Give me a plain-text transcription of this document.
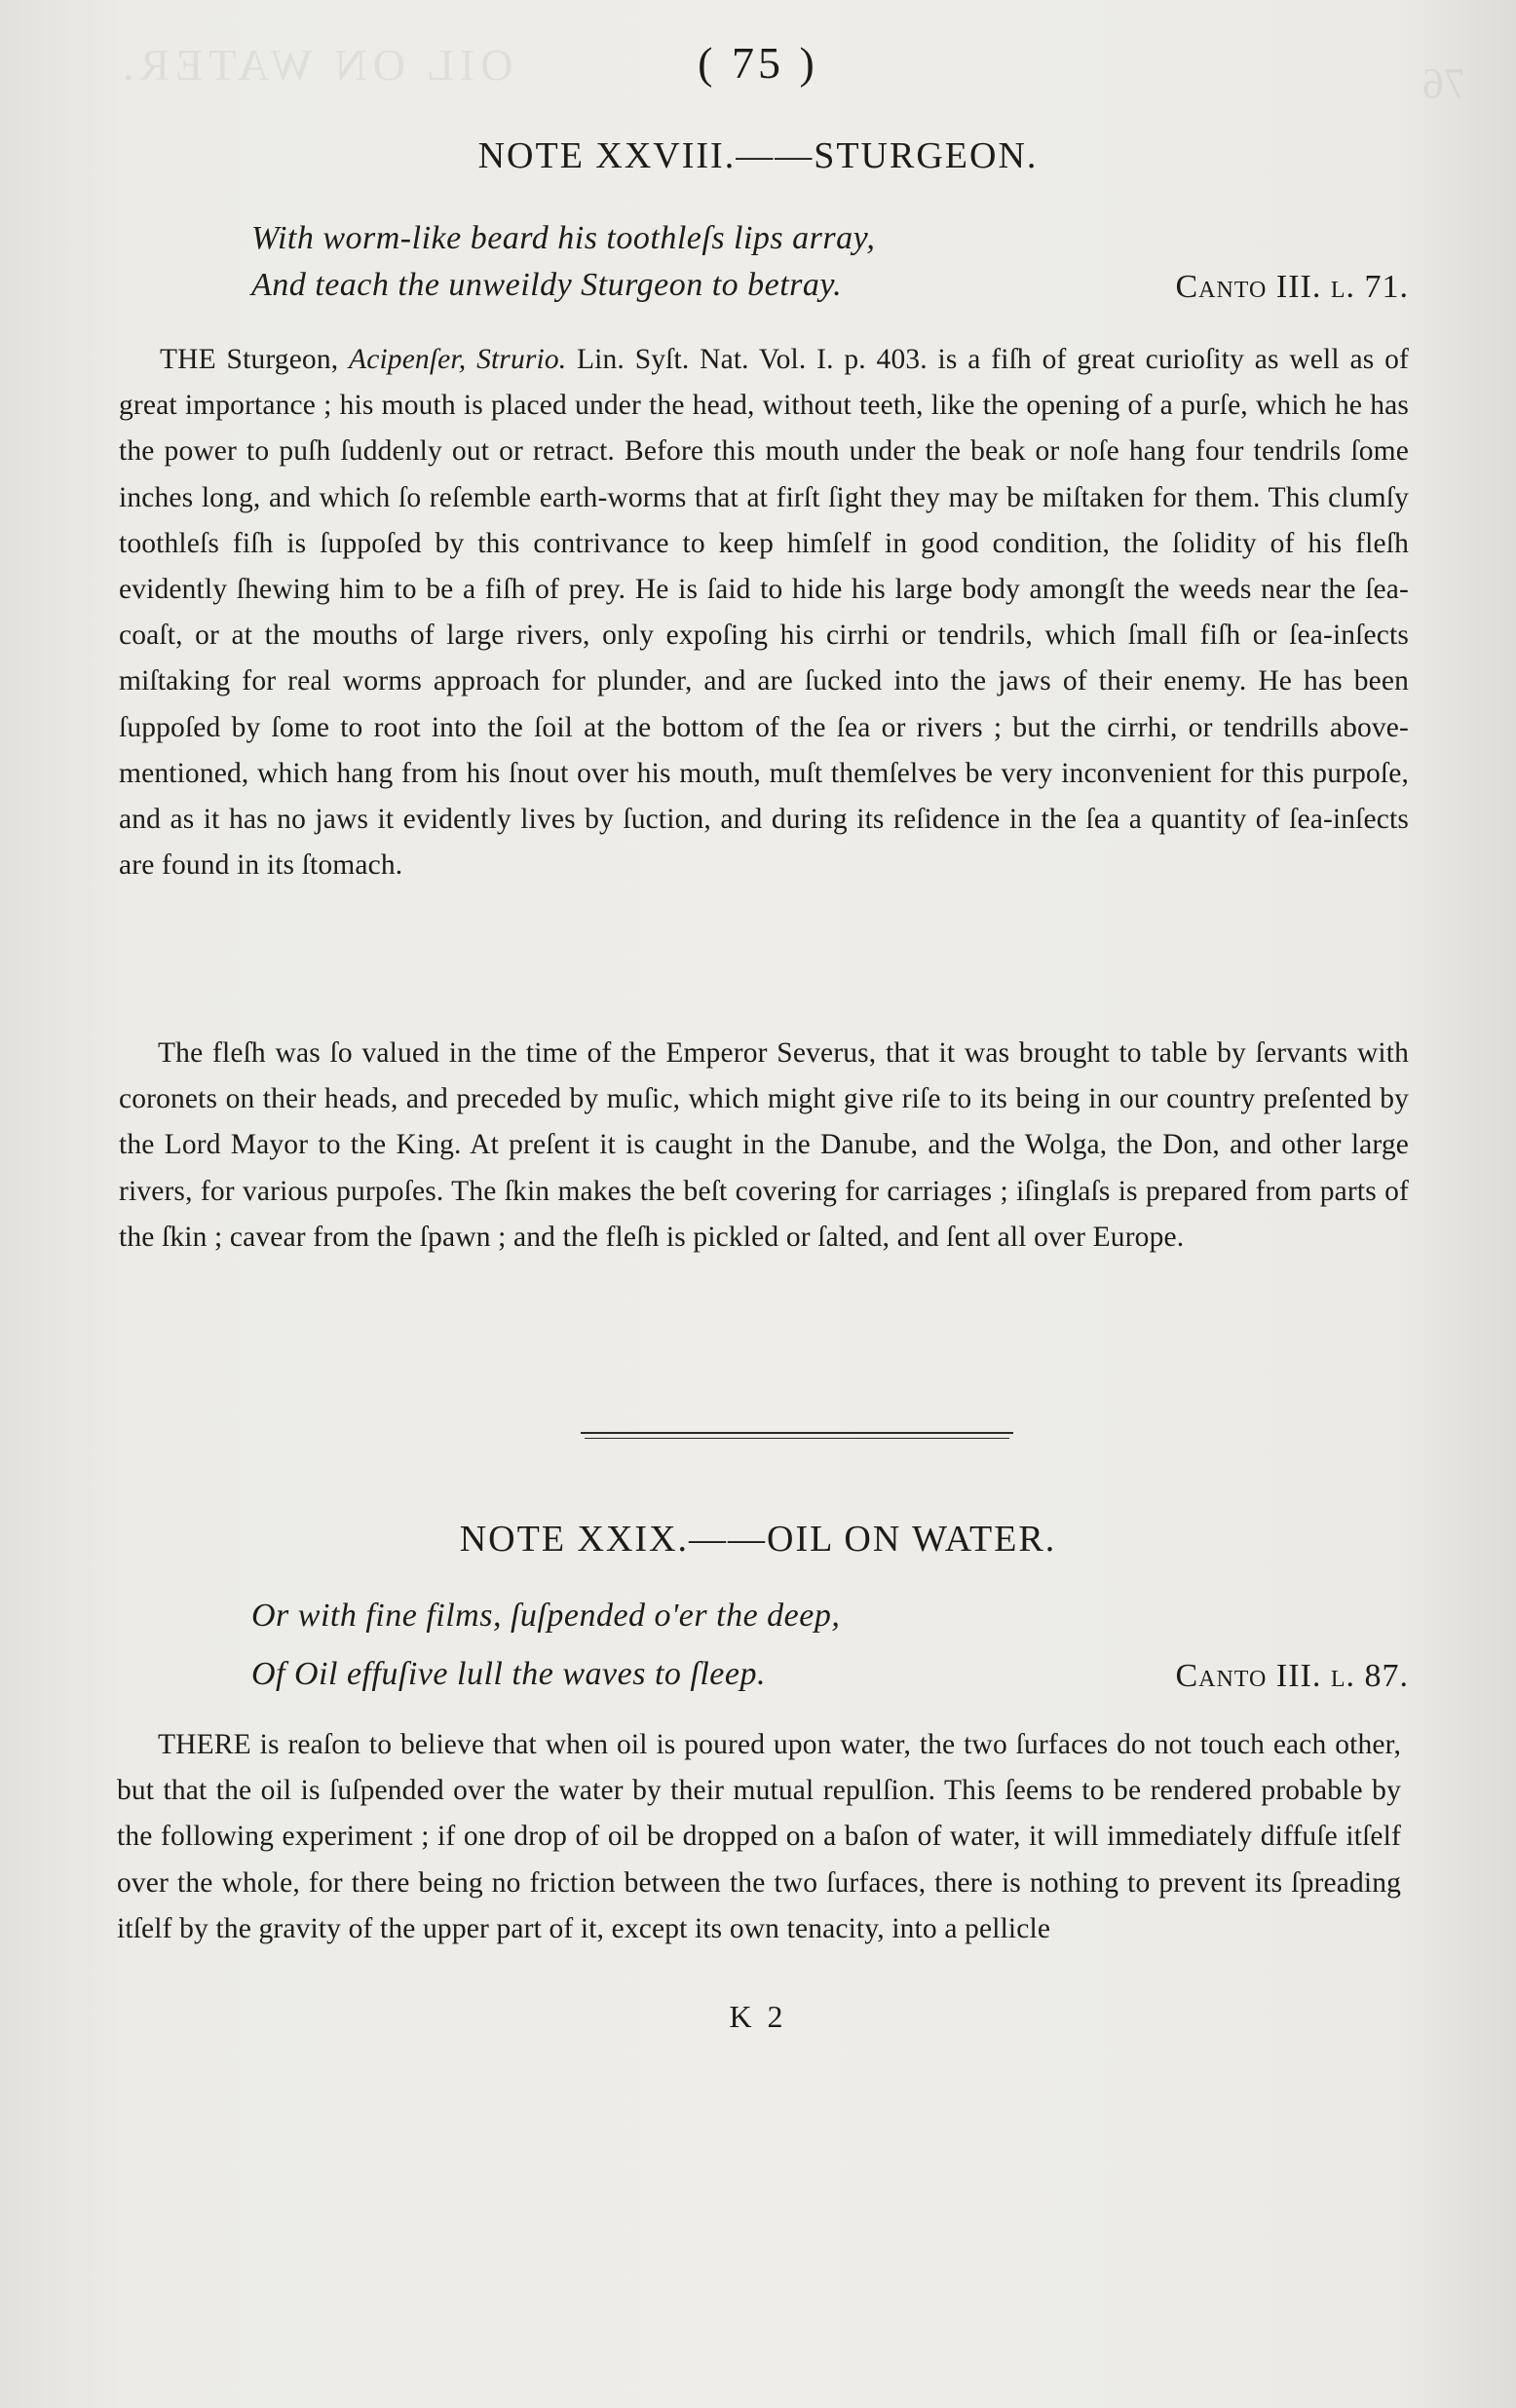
OIL ON WATER.	76
( 75 )
NOTE XXVIII.——STURGEON.
With worm-like beard his toothleſs lips array,
And teach the unweildy Sturgeon to betray.	Canto III. l. 71.

THE Sturgeon, Acipenſer, Strurio. Lin. Syſt. Nat. Vol. I. p. 403. is a fiſh of great curioſity as well as of great importance ; his mouth is placed under the head, without teeth, like the opening of a purſe, which he has the power to puſh ſuddenly out or retract. Before this mouth under the beak or noſe hang four tendrils ſome inches long, and which ſo reſemble earth-worms that at firſt ſight they may be miſtaken for them. This clumſy toothleſs fiſh is ſuppoſed by this contrivance to keep himſelf in good condition, the ſolidity of his fleſh evidently ſhewing him to be a fiſh of prey. He is ſaid to hide his large body amongſt the weeds near the ſea-coaſt, or at the mouths of large rivers, only expoſing his cirrhi or tendrils, which ſmall fiſh or ſea-inſects miſtaking for real worms approach for plunder, and are ſucked into the jaws of their enemy. He has been ſuppoſed by ſome to root into the ſoil at the bottom of the ſea or rivers ; but the cirrhi, or tendrills above-mentioned, which hang from his ſnout over his mouth, muſt themſelves be very inconvenient for this purpoſe, and as it has no jaws it evidently lives by ſuction, and during its reſidence in the ſea a quantity of ſea-inſects are found in its ſtomach.

The fleſh was ſo valued in the time of the Emperor Severus, that it was brought to table by ſervants with coronets on their heads, and preceded by muſic, which might give riſe to its being in our country preſented by the Lord Mayor to the King. At preſent it is caught in the Danube, and the Wolga, the Don, and other large rivers, for various purpoſes. The ſkin makes the beſt covering for carriages ; iſinglaſs is prepared from parts of the ſkin ; cavear from the ſpawn ; and the fleſh is pickled or ſalted, and ſent all over Europe.

NOTE XXIX.——OIL ON WATER.
Or with fine films, ſuſpended o'er the deep,
Of Oil effuſive lull the waves to ſleep.	Canto III. l. 87.

THERE is reaſon to believe that when oil is poured upon water, the two ſurfaces do not touch each other, but that the oil is ſuſpended over the water by their mutual repulſion. This ſeems to be rendered probable by the following experiment ; if one drop of oil be dropped on a baſon of water, it will immediately diffuſe itſelf over the whole, for there being no friction between the two ſurfaces, there is nothing to prevent its ſpreading itſelf by the gravity of the upper part of it, except its own tenacity, into a pellicle

K 2
